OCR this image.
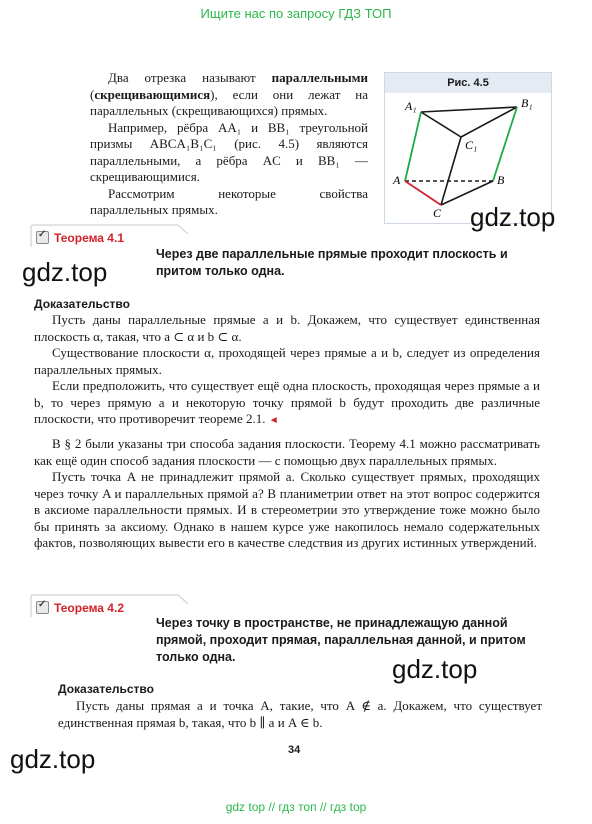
Ищите нас по запросу ГДЗ ТОП

Два отрезка называют параллельными (скрещивающимися), если они лежат на параллельных (скрещивающихся) прямых.

Например, рёбра AA₁ и BB₁ треугольной призмы ABCA₁B₁C₁ (рис. 4.5) являются параллельными, а рёбра AC и BB₁ — скрещивающимися.

Рассмотрим некоторые свойства параллельных прямых.

Рис. 4.5
A₁	B₁
C₁
A	B
C gdz.top
✓Теорема 4.1
Через две параллельные прямые проходит плоскость и притом только одна.
gdz.top
Доказательство

Пусть даны параллельные прямые a и b. Докажем, что существует единственная плоскость α, такая, что a ⊂ α и b ⊂ α.

Существование плоскости α, проходящей через прямые a и b, следует из определения параллельных прямых.

Если предположить, что существует ещё одна плоскость, проходящая через прямые a и b, то через прямую a и некоторую точку прямой b будут проходить две различные плоскости, что противоречит теореме 2.1. ◄

В § 2 были указаны три способа задания плоскости. Теорему 4.1 можно рассматривать как ещё один способ задания плоскости — с помощью двух параллельных прямых.

Пусть точка A не принадлежит прямой a. Сколько существует прямых, проходящих через точку A и параллельных прямой a? В планиметрии ответ на этот вопрос содержится в аксиоме параллельности прямых. И в стереометрии это утверждение тоже можно было бы принять за аксиому. Однако в нашем курсе уже накопилось немало содержательных фактов, позволяющих вывести его в качестве следствия из других истинных утверждений.

✓Теорема 4.2
Через точку в пространстве, не принадлежащую данной прямой, проходит прямая, параллельная данной, и притом только одна.	gdz.top
Доказательство

Пусть даны прямая a и точка A, такие, что A ∉ a. Докажем, что существует единственная прямая b, такая, что b ∥ a и A ∈ b.

34
gdz.top
gdz top // гдз топ // гдз top
